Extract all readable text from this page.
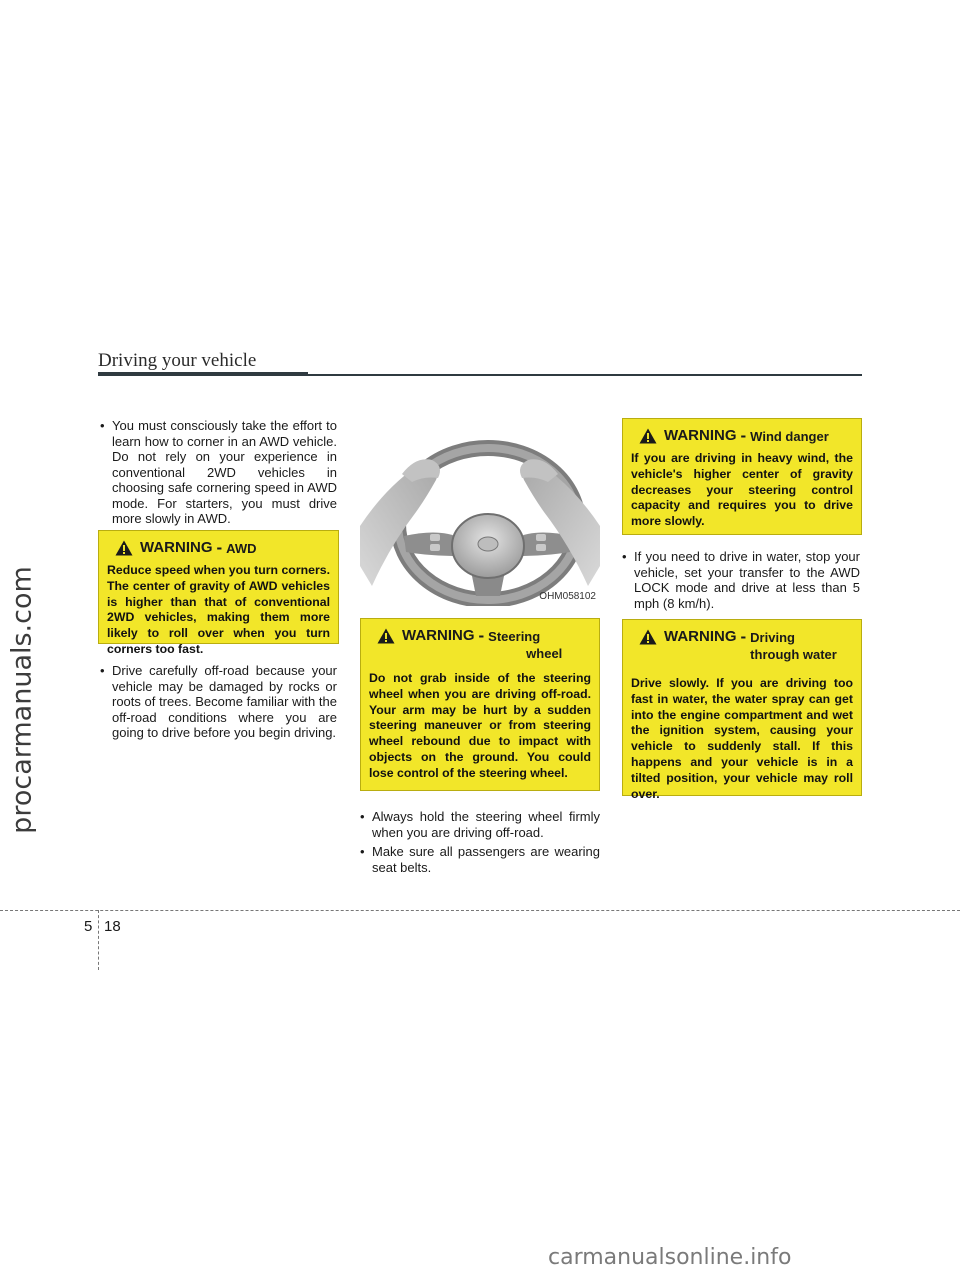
procarmanuals.com
Driving your vehicle
• You must consciously take the effort to learn how to corner in an AWD vehicle. Do not rely on your experience in conventional 2WD vehicles in choosing safe cornering speed in AWD mode. For starters, you must drive more slowly in AWD.
WARNING - AWD
Reduce speed when you turn corners. The center of gravity of AWD vehicles is higher than that of conventional 2WD vehicles, making them more likely to roll over when you turn corners too fast.
• Drive carefully off-road because your vehicle may be damaged by rocks or roots of trees. Become familiar with the off-road conditions where you are going to drive before you begin driving.
OHM058102
WARNING - Steering
wheel
Do not grab inside of the steering wheel when you are driving off-road. Your arm may be hurt by a sudden steering maneuver or from steering wheel rebound due to impact with objects on the ground. You could lose control of the steering wheel.
• Always hold the steering wheel firmly when you are driving off-road.
• Make sure all passengers are wearing seat belts.
WARNING - Wind danger
If you are driving in heavy wind, the vehicle's higher center of gravity decreases your steering control capacity and requires you to drive more slowly.
• If you need to drive in water, stop your vehicle, set your transfer to the AWD LOCK mode and drive at less than 5 mph (8 km/h).
WARNING - Driving
through water
Drive slowly. If you are driving too fast in water, the water spray can get into the engine compartment and wet the ignition system, causing your vehicle to suddenly stall. If this happens and your vehicle is in a tilted position, your vehicle may roll over.
5 18
carmanualsonline.info
